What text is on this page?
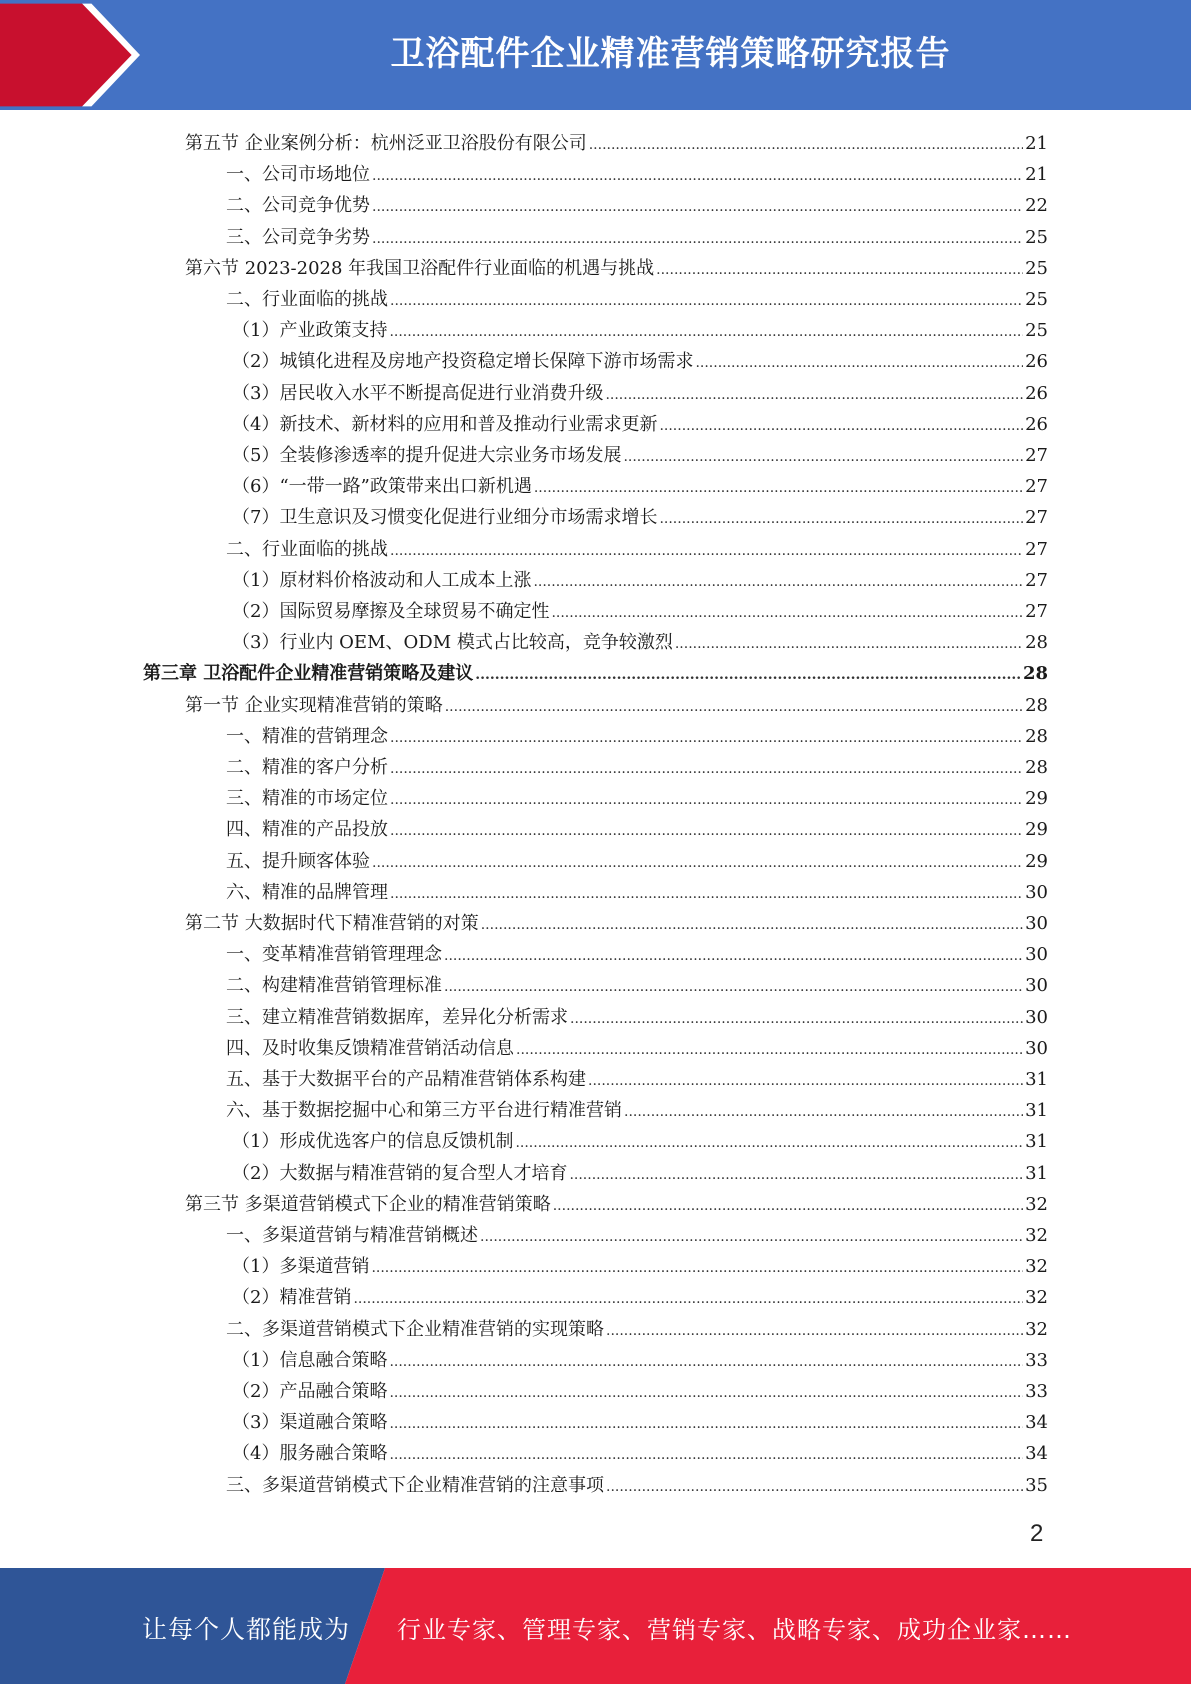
卫浴配件企业精准营销策略研究报告
第五节 企业案例分析：杭州泛亚卫浴股份有限公司 .....	21
一、公司市场地位 .....	21
二、公司竞争优势 .....	22
三、公司竞争劣势 .....	25
第六节 2023-2028 年我国卫浴配件行业面临的机遇与挑战 .....	25
二、行业面临的挑战 .....	25
（1）产业政策支持 .....	25
（2）城镇化进程及房地产投资稳定增长保障下游市场需求 .....	26
（3）居民收入水平不断提高促进行业消费升级 .....	26
（4）新技术、新材料的应用和普及推动行业需求更新 .....	26
（5）全装修渗透率的提升促进大宗业务市场发展 .....	27
（6）“一带一路”政策带来出口新机遇 .....	27
（7）卫生意识及习惯变化促进行业细分市场需求增长 .....	27
二、行业面临的挑战 .....	27
（1）原材料价格波动和人工成本上涨 .....	27
（2）国际贸易摩擦及全球贸易不确定性 .....	27
（3）行业内 OEM、ODM 模式占比较高，竞争较激烈 .....	28
第三章 卫浴配件企业精准营销策略及建议 .....	28
第一节 企业实现精准营销的策略 .....	28
一、精准的营销理念 .....	28
二、精准的客户分析 .....	28
三、精准的市场定位 .....	29
四、精准的产品投放 .....	29
五、提升顾客体验 .....	29
六、精准的品牌管理 .....	30
第二节 大数据时代下精准营销的对策 .....	30
一、变革精准营销管理理念 .....	30
二、构建精准营销管理标准 .....	30
三、建立精准营销数据库，差异化分析需求 .....	30
四、及时收集反馈精准营销活动信息 .....	30
五、基于大数据平台的产品精准营销体系构建 .....	31
六、基于数据挖掘中心和第三方平台进行精准营销 .....	31
（1）形成优选客户的信息反馈机制 .....	31
（2）大数据与精准营销的复合型人才培育 .....	31
第三节 多渠道营销模式下企业的精准营销策略 .....	32
一、多渠道营销与精准营销概述 .....	32
（1）多渠道营销 .....	32
（2）精准营销 .....	32
二、多渠道营销模式下企业精准营销的实现策略 .....	32
（1）信息融合策略 .....	33
（2）产品融合策略 .....	33
（3）渠道融合策略 .....	34
（4）服务融合策略 .....	34
三、多渠道营销模式下企业精准营销的注意事项 .....	35
2
让每个人都能成为 行业专家、管理专家、营销专家、战略专家、成功企业家……
